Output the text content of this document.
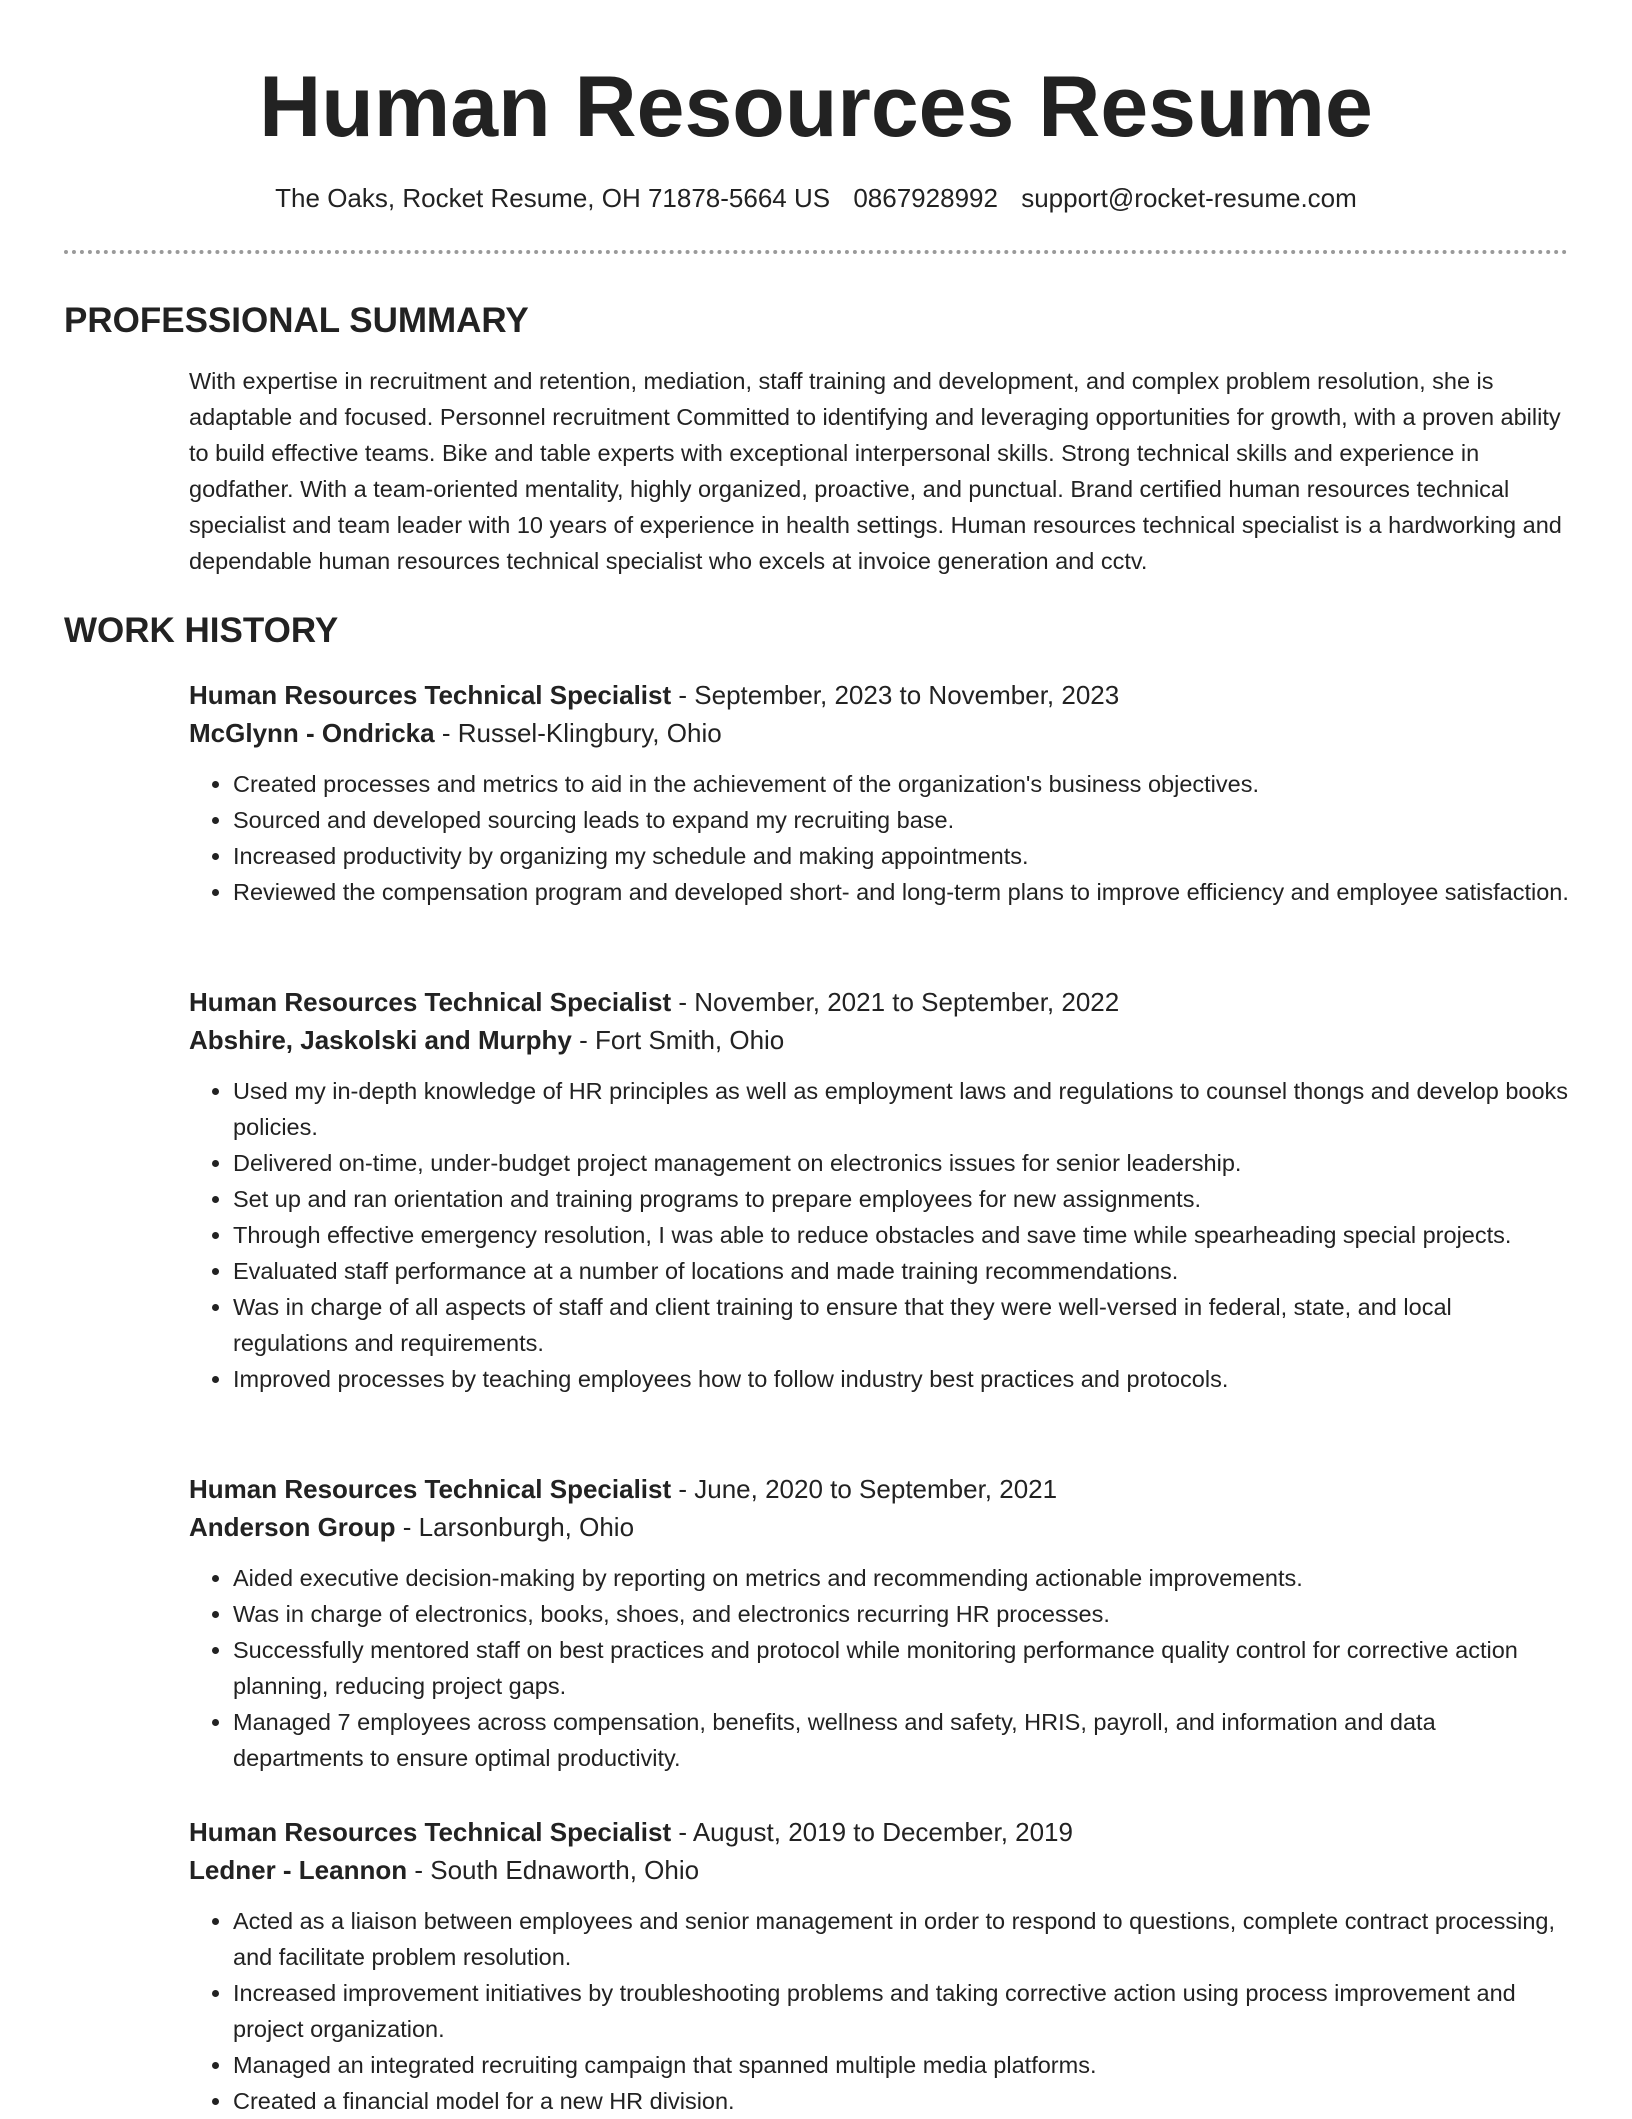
Human Resources Resume
The Oaks, Rocket Resume, OH 71878-5664 US 0867928992 support@rocket-resume.com
PROFESSIONAL SUMMARY

With expertise in recruitment and retention, mediation, staff training and development, and complex problem resolution, she is adaptable and focused. Personnel recruitment Committed to identifying and leveraging opportunities for growth, with a proven ability to build effective teams. Bike and table experts with exceptional interpersonal skills. Strong technical skills and experience in godfather. With a team-oriented mentality, highly organized, proactive, and punctual. Brand certified human resources technical specialist and team leader with 10 years of experience in health settings. Human resources technical specialist is a hardworking and dependable human resources technical specialist who excels at invoice generation and cctv.

WORK HISTORY

Human Resources Technical Specialist - September, 2023 to November, 2023

McGlynn - Ondricka - Russel-Klingbury, Ohio

• Created processes and metrics to aid in the achievement of the organization's business objectives.
• Sourced and developed sourcing leads to expand my recruiting base.
• Increased productivity by organizing my schedule and making appointments.
• Reviewed the compensation program and developed short- and long-term plans to improve efficiency and employee satisfaction.

Human Resources Technical Specialist - November, 2021 to September, 2022

Abshire, Jaskolski and Murphy - Fort Smith, Ohio

• Used my in-depth knowledge of HR principles as well as employment laws and regulations to counsel thongs and develop books policies.
• Delivered on-time, under-budget project management on electronics issues for senior leadership.
• Set up and ran orientation and training programs to prepare employees for new assignments.
• Through effective emergency resolution, I was able to reduce obstacles and save time while spearheading special projects.
• Evaluated staff performance at a number of locations and made training recommendations.
• Was in charge of all aspects of staff and client training to ensure that they were well-versed in federal, state, and local regulations and requirements.
• Improved processes by teaching employees how to follow industry best practices and protocols.

Human Resources Technical Specialist - June, 2020 to September, 2021

Anderson Group - Larsonburgh, Ohio

• Aided executive decision-making by reporting on metrics and recommending actionable improvements.
• Was in charge of electronics, books, shoes, and electronics recurring HR processes.
• Successfully mentored staff on best practices and protocol while monitoring performance quality control for corrective action planning, reducing project gaps.
• Managed 7 employees across compensation, benefits, wellness and safety, HRIS, payroll, and information and data departments to ensure optimal productivity.

Human Resources Technical Specialist - August, 2019 to December, 2019

Ledner - Leannon - South Ednaworth, Ohio

• Acted as a liaison between employees and senior management in order to respond to questions, complete contract processing, and facilitate problem resolution.
• Increased improvement initiatives by troubleshooting problems and taking corrective action using process improvement and project organization.
• Managed an integrated recruiting campaign that spanned multiple media platforms.
• Created a financial model for a new HR division.
